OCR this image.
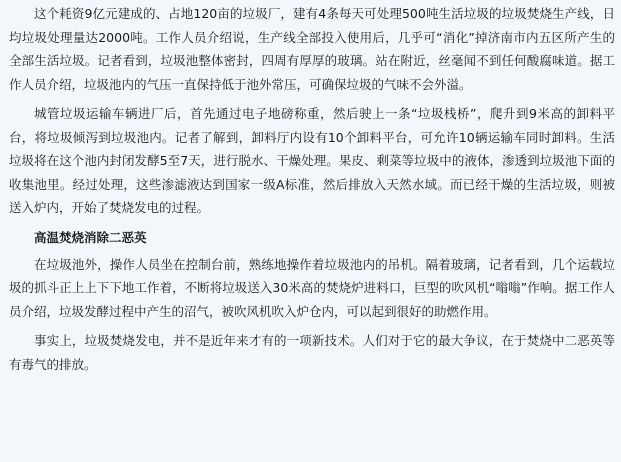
这个耗资9亿元建成的、占地120亩的垃圾厂，建有4条每天可处理500吨生活垃圾的垃圾焚烧生产线，日均垃圾处理量达2000吨。工作人员介绍说，生产线全部投入使用后，几乎可“消化”掉济南市内五区所产生的全部生活垃圾。记者看到，垃圾池整体密封，四周有厚厚的玻璃。站在附近，丝毫闻不到任何酸腐味道。据工作人员介绍，垃圾池内的气压一直保持低于池外常压，可确保垃圾的气味不会外溢。

城管垃圾运输车辆进厂后，首先通过电子地磅称重，然后驶上一条“垃圾栈桥”，爬升到9米高的卸料平台，将垃圾倾泻到垃圾池内。记者了解到，卸料厅内设有10个卸料平台，可允许10辆运输车同时卸料。生活垃圾将在这个池内封闭发酵5至7天，进行脱水、干燥处理。果皮、剩菜等垃圾中的液体，渗透到垃圾池下面的收集池里。经过处理，这些渗滤液达到国家一级A标准，然后排放入天然水域。而已经干燥的生活垃圾，则被送入炉内，开始了焚烧发电的过程。

高温焚烧消除二恶英

在垃圾池外，操作人员坐在控制台前，熟练地操作着垃圾池内的吊机。隔着玻璃，记者看到，几个运载垃圾的抓斗正上上下下地工作着，不断将垃圾送入30米高的焚烧炉进料口，巨型的吹风机“嗡嗡”作响。据工作人员介绍，垃圾发酵过程中产生的沼气，被吹风机吹入炉仓内，可以起到很好的助燃作用。

事实上，垃圾焚烧发电，并不是近年来才有的一项新技术。人们对于它的最大争议，在于焚烧中二恶英等有毒气的排放。
